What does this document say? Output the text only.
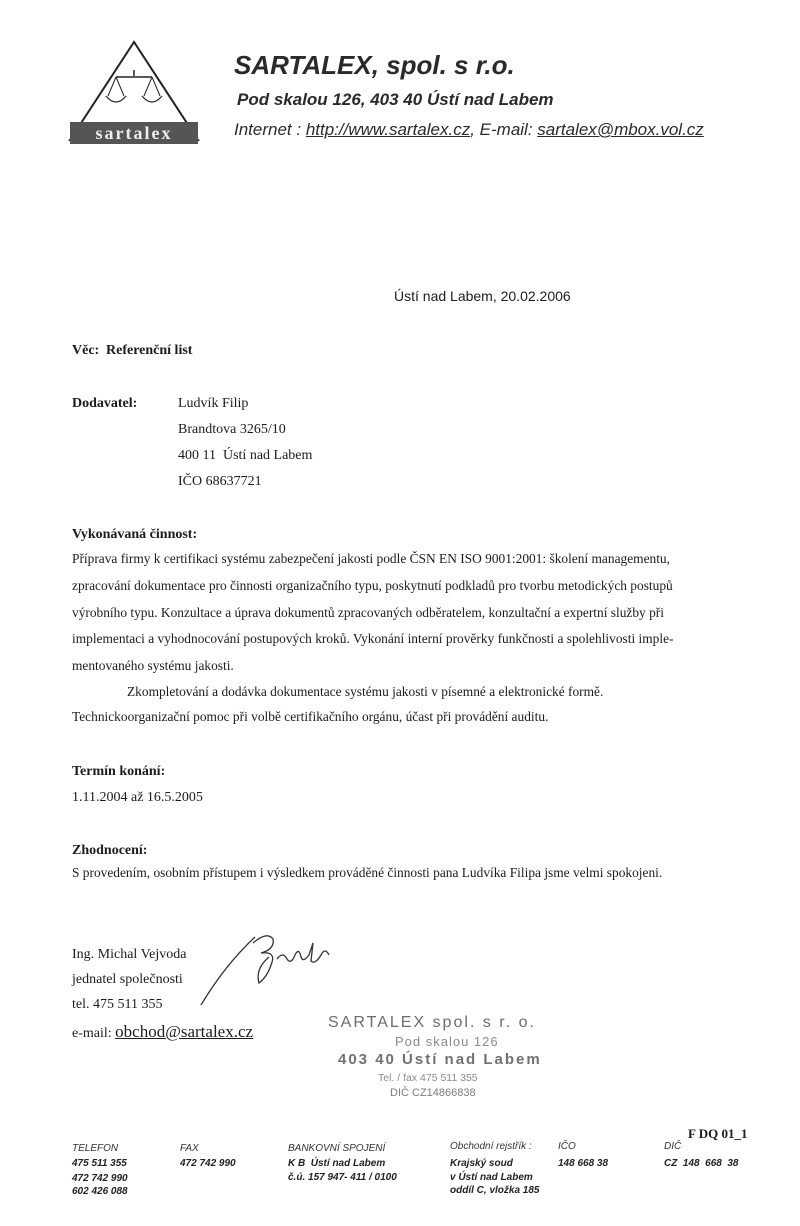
sartalex
SARTALEX, spol. s r.o.
Pod skalou 126, 403 40 Ústí nad Labem
Internet : http://www.sartalex.cz, E-mail: sartalex@mbox.vol.cz
Ústí nad Labem, 20.02.2006
Věc: Referenční list
Dodavatel:	Ludvík Filip
Brandtova 3265/10
400 11  Ústí nad Labem
IČO 68637721
Vykonávaná činnost:
Příprava firmy k certifikaci systému zabezpečení jakosti podle ČSN EN ISO 9001:2001: školení managementu,
zpracování dokumentace pro činnosti organizačního typu, poskytnutí podkladů pro tvorbu metodických postupů
výrobního typu. Konzultace a úprava dokumentů zpracovaných odběratelem, konzultační a expertní služby při
implementaci a vyhodnocování postupových kroků. Vykonání interní prověrky funkčnosti a spolehlivosti imple-
mentovaného systému jakosti.
Zkompletování a dodávka dokumentace systému jakosti v písemné a elektronické formě.
Technickoorganizační pomoc při volbě certifikačního orgánu, účast při provádění auditu.
Termín konání:
1.11.2004 až 16.5.2005
Zhodnocení:
S provedením, osobním přístupem i výsledkem prováděné činnosti pana Ludvíka Filipa jsme velmi spokojeni.
Ing. Michal Vejvoda
jednatel společnosti
tel. 475 511 355
e-mail: obchod@sartalex.cz	SARTALEX spol. s r. o.
Pod skalou 126
403 40 Ústí nad Labem
Tel. / fax 475 511 355
DIČ CZ14866838
F DQ 01_1
TELEFON
475 511 355
472 742 990
602 426 088
FAX
472 742 990
BANKOVNÍ SPOJENÍ
K B  Ústí nad Labem
č.ú. 157 947- 411 / 0100
Obchodní rejstřík :
Krajský soud
v Ústí nad Labem
oddíl C, vložka 185
IČO
148 668 38
DIČ
CZ  148  668  38
